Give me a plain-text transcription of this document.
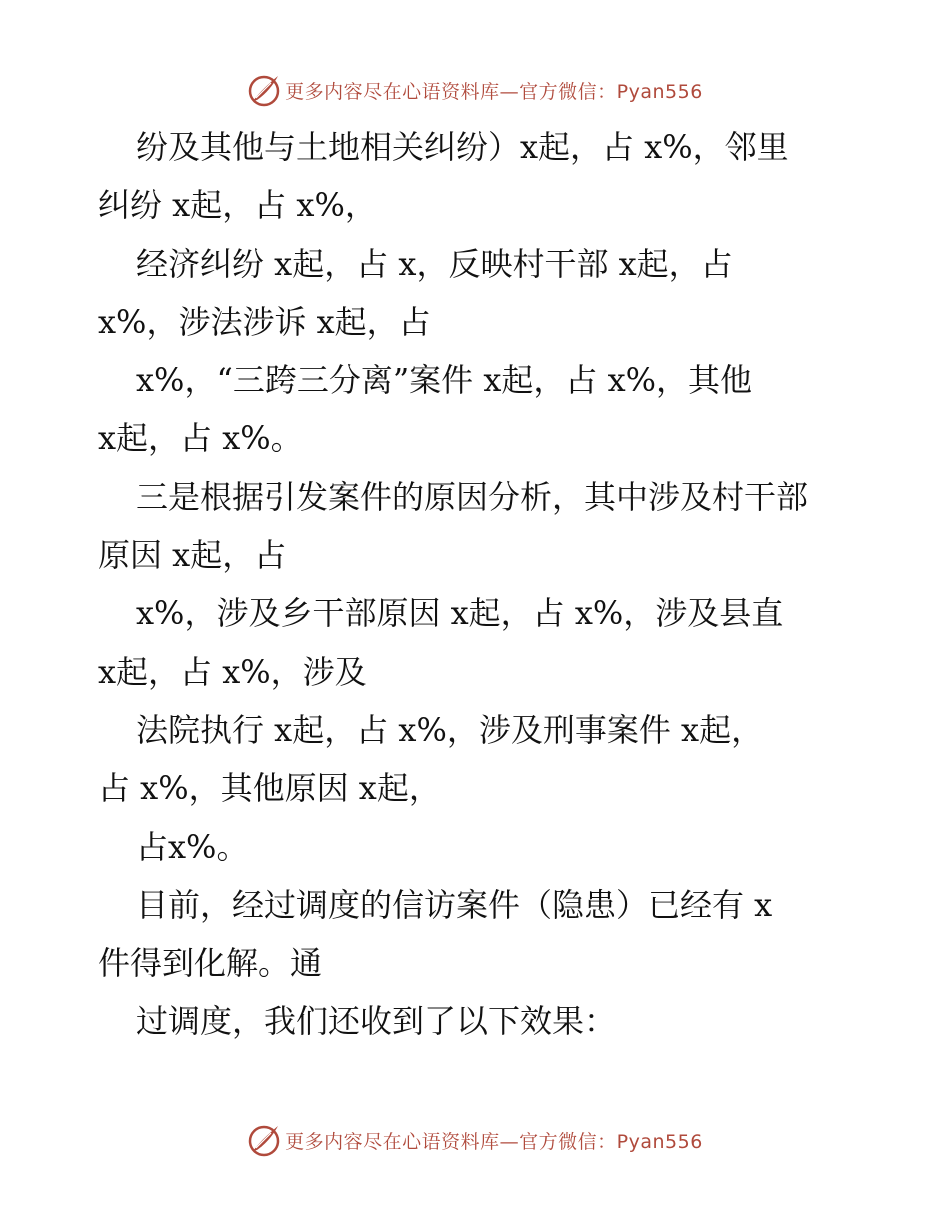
更多内容尽在心语资料库—官方微信：Pyan556
纷及其他与土地相关纠纷）x起，占 x%，邻里
纠纷 x起，占 x%，
经济纠纷 x起，占 x，反映村干部 x起，占
x%，涉法涉诉 x起，占
x%，“三跨三分离”案件 x起，占 x%，其他
x起，占 x%。
三是根据引发案件的原因分析，其中涉及村干部
原因 x起，占
x%，涉及乡干部原因 x起，占 x%，涉及县直
x起，占 x%，涉及
法院执行 x起，占 x%，涉及刑事案件 x起，
占 x%，其他原因 x起，
占x%。
目前，经过调度的信访案件（隐患）已经有 x
件得到化解。通
过调度，我们还收到了以下效果：
更多内容尽在心语资料库—官方微信：Pyan556
